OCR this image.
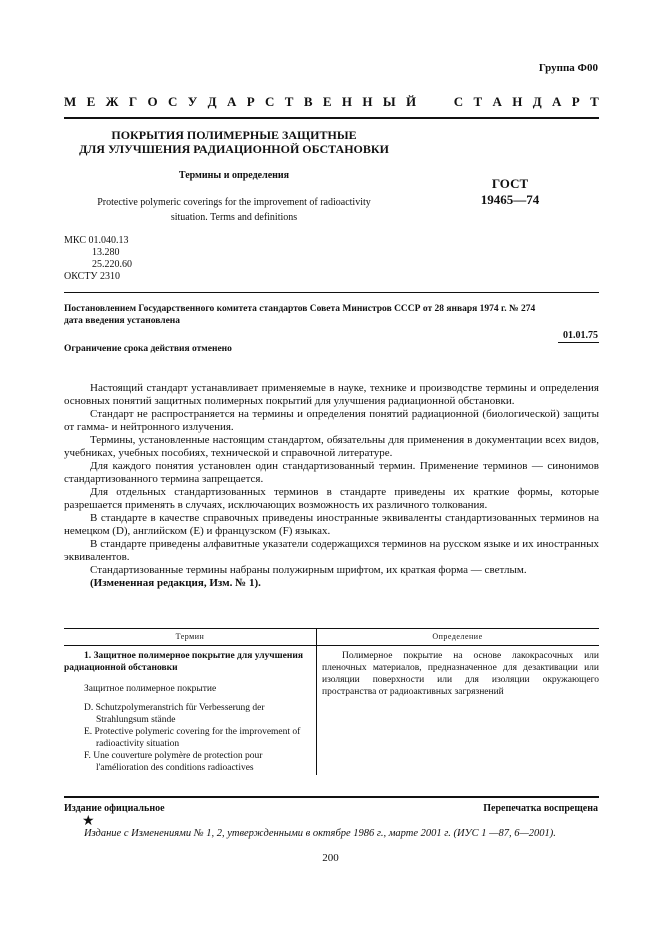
Группа Ф00
М Е Ж Г О С У Д А Р С Т В Е Н Н Ы Й

	С Т А Н Д А Р Т
ПОКРЫТИЯ ПОЛИМЕРНЫЕ ЗАЩИТНЫЕ
ДЛЯ УЛУЧШЕНИЯ РАДИАЦИОННОЙ ОБСТАНОВКИ
Термины и определения
Protective polymeric coverings for the improvement of radioactivity
situation. Terms and definitions
ГОСТ
19465—74
МКС 01.040.13
13.280
25.220.60
ОКСТУ 2310
Постановлением Государственного комитета стандартов Совета Министров СССР от 28 января 1974 г. № 274
дата введения установлена
01.01.75
Ограничение срока действия отменено

Настоящий стандарт устанавливает применяемые в науке, технике и производстве термины и определения основных понятий защитных полимерных покрытий для улучшения радиационной обстановки.

Стандарт не распространяется на термины и определения понятий радиационной (биологической) защиты от гамма- и нейтронного излучения.

Термины, установленные настоящим стандартом, обязательны для применения в документации всех видов, учебниках, учебных пособиях, технической и справочной литературе.

Для каждого понятия установлен один стандартизованный термин. Применение терминов — синонимов стандартизованного термина запрещается.

Для отдельных стандартизованных терминов в стандарте приведены их краткие формы, которые разрешается применять в случаях, исключающих возможность их различного толкования.

В стандарте в качестве справочных приведены иностранные эквиваленты стандартизованных терминов на немецком (D), английском (E) и французском (F) языках.

В стандарте приведены алфавитные указатели содержащихся терминов на русском языке и их иностранных эквивалентов.

Стандартизованные термины набраны полужирным шрифтом, их краткая форма — светлым.

(Измененная редакция, Изм. № 1).

Термин	Определение

1. Защитное полимерное покрытие для улучшения радиационной обстановки

Защитное полимерное покрытие

D. Schutzpolymeranstrich für Verbesserung der Strahlungsum stände

E. Protective polymeric covering for the improvement of radioactivity situation

F. Une couverture polymère de protection pour l'amélioration des conditions radioactives

Полимерное покрытие на основе лакокрасочных или пленочных материалов, предназначенное для дезактивации или изоляции поверхности или для изоляции окружающего пространства от радиоактивных загрязнений
Издание официальное	Перепечатка воспрещена
★
Издание с Изменениями № 1, 2, утвержденными в октябре 1986 г., марте 2001 г. (ИУС 1 —87, 6—2001).
200
